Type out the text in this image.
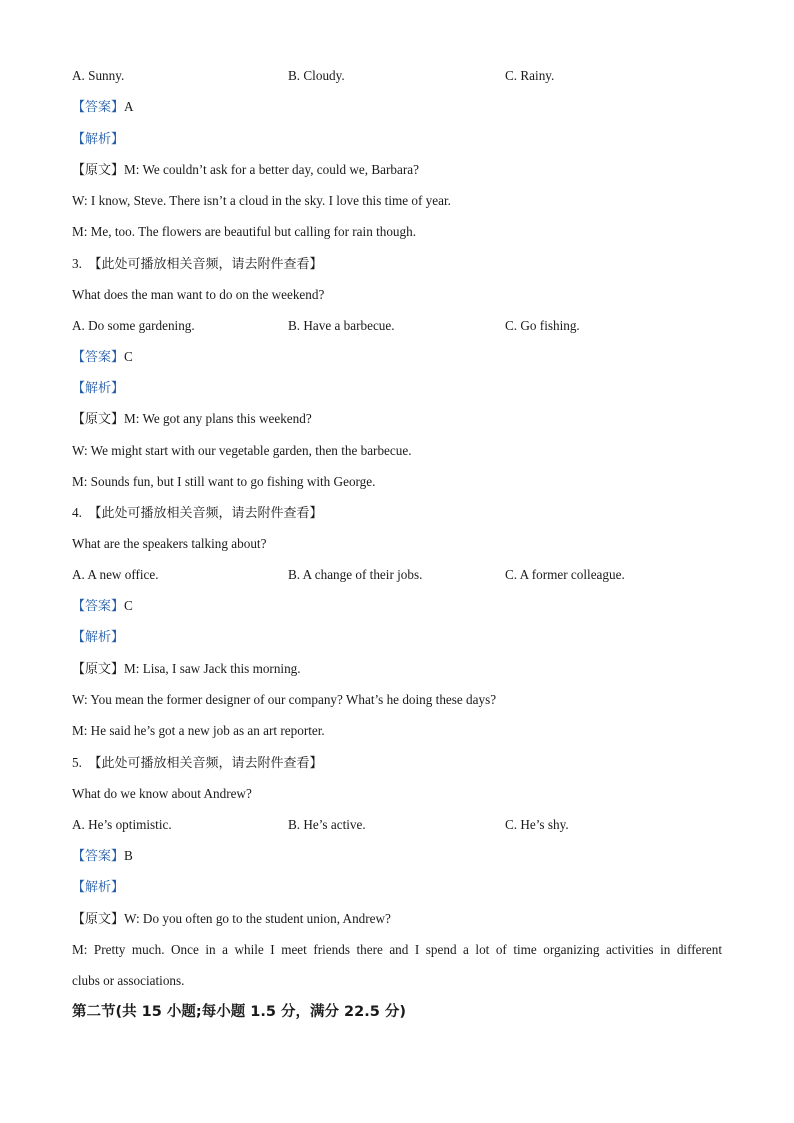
A. Sunny.	B. Cloudy.	C. Rainy.
【答案】A
【解析】
【原文】M: We couldn’t ask for a better day, could we, Barbara?
W: I know, Steve. There isn’t a cloud in the sky. I love this time of year.
M: Me, too. The flowers are beautiful but calling for rain though.
3. 【此处可播放相关音频，请去附件查看】
What does the man want to do on the weekend?
A. Do some gardening.	B. Have a barbecue.	C. Go fishing.
【答案】C
【解析】
【原文】M: We got any plans this weekend?
W: We might start with our vegetable garden, then the barbecue.
M: Sounds fun, but I still want to go fishing with George.
4. 【此处可播放相关音频，请去附件查看】
What are the speakers talking about?
A. A new office.	B. A change of their jobs.	C. A former colleague.
【答案】C
【解析】
【原文】M: Lisa, I saw Jack this morning.
W: You mean the former designer of our company? What’s he doing these days?
M: He said he’s got a new job as an art reporter.
5. 【此处可播放相关音频，请去附件查看】
What do we know about Andrew?
A. He’s optimistic.	B. He’s active.	C. He’s shy.
【答案】B
【解析】
【原文】W: Do you often go to the student union, Andrew?
M: Pretty much. Once in a while I meet friends there and I spend a lot of time organizing activities in different
clubs or associations.
第二节(共 15 小题;每小题 1.5 分，满分 22.5 分)
